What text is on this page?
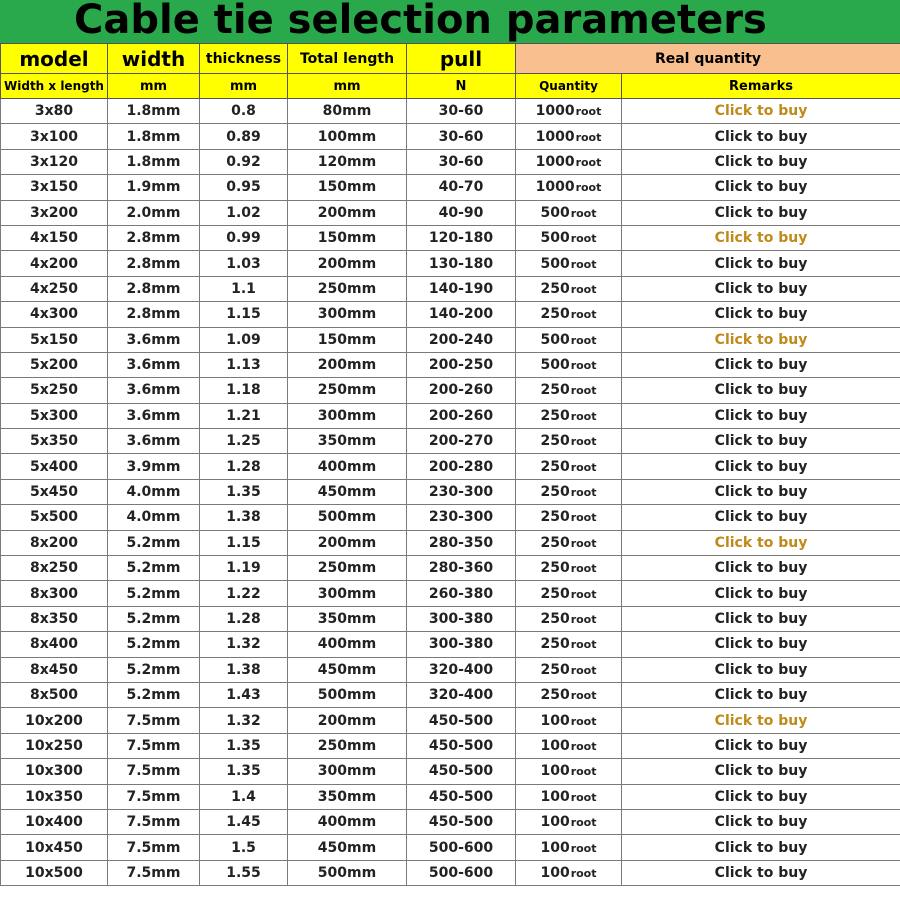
Cable tie selection parameters
model	width	thickness	Total length	pull	Real quantity	
Width x length	mm	mm	mm	N	Quantity	Remarks
3x80	1.8mm	0.8	80mm	30-60	1000root	Click to buy
3x100	1.8mm	0.89	100mm	30-60	1000root	Click to buy
3x120	1.8mm	0.92	120mm	30-60	1000root	Click to buy
3x150	1.9mm	0.95	150mm	40-70	1000root	Click to buy
3x200	2.0mm	1.02	200mm	40-90	500root	Click to buy
4x150	2.8mm	0.99	150mm	120-180	500root	Click to buy
4x200	2.8mm	1.03	200mm	130-180	500root	Click to buy
4x250	2.8mm	1.1	250mm	140-190	250root	Click to buy
4x300	2.8mm	1.15	300mm	140-200	250root	Click to buy
5x150	3.6mm	1.09	150mm	200-240	500root	Click to buy
5x200	3.6mm	1.13	200mm	200-250	500root	Click to buy
5x250	3.6mm	1.18	250mm	200-260	250root	Click to buy
5x300	3.6mm	1.21	300mm	200-260	250root	Click to buy
5x350	3.6mm	1.25	350mm	200-270	250root	Click to buy
5x400	3.9mm	1.28	400mm	200-280	250root	Click to buy
5x450	4.0mm	1.35	450mm	230-300	250root	Click to buy
5x500	4.0mm	1.38	500mm	230-300	250root	Click to buy
8x200	5.2mm	1.15	200mm	280-350	250root	Click to buy
8x250	5.2mm	1.19	250mm	280-360	250root	Click to buy
8x300	5.2mm	1.22	300mm	260-380	250root	Click to buy
8x350	5.2mm	1.28	350mm	300-380	250root	Click to buy
8x400	5.2mm	1.32	400mm	300-380	250root	Click to buy
8x450	5.2mm	1.38	450mm	320-400	250root	Click to buy
8x500	5.2mm	1.43	500mm	320-400	250root	Click to buy
10x200	7.5mm	1.32	200mm	450-500	100root	Click to buy
10x250	7.5mm	1.35	250mm	450-500	100root	Click to buy
10x300	7.5mm	1.35	300mm	450-500	100root	Click to buy
10x350	7.5mm	1.4	350mm	450-500	100root	Click to buy
10x400	7.5mm	1.45	400mm	450-500	100root	Click to buy
10x450	7.5mm	1.5	450mm	500-600	100root	Click to buy
10x500	7.5mm	1.55	500mm	500-600	100root	Click to buy
